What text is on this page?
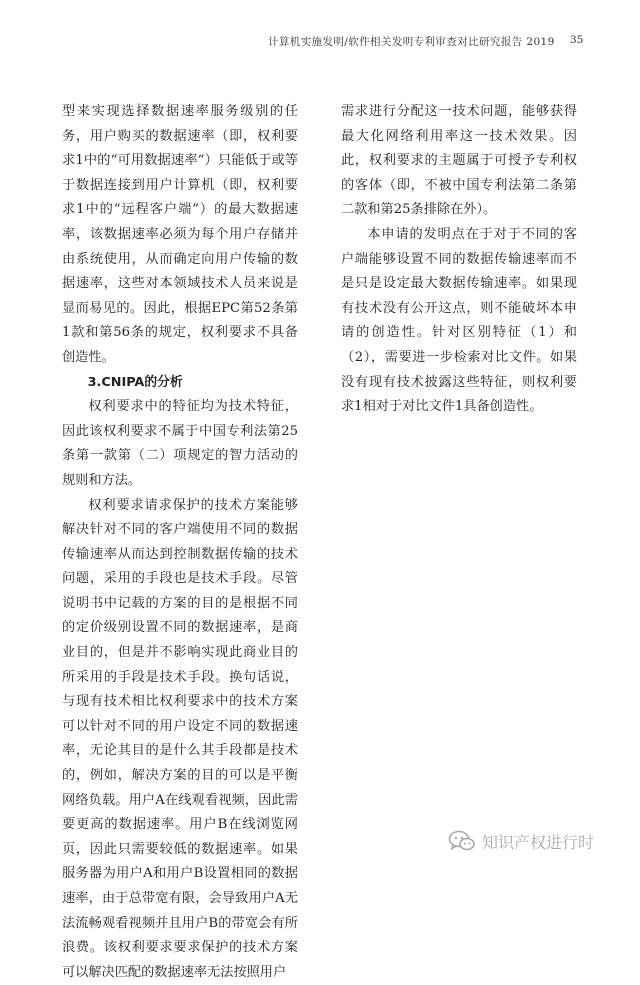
计算机实施发明/软件相关发明专利审查对比研究报告 2019 35

型来实现选择数据速率服务级别的任务，用户购买的数据速率（即，权利要求1中的“可用数据速率”）只能低于或等于数据连接到用户计算机（即，权利要求1中的“远程客户端”）的最大数据速率，该数据速率必须为每个用户存储并由系统使用，从而确定向用户传输的数据速率，这些对本领域技术人员来说是显而易见的。因此，根据EPC第52条第1款和第56条的规定，权利要求不具备创造性。

3.CNIPA的分析

权利要求中的特征均为技术特征，因此该权利要求不属于中国专利法第25条第一款第（二）项规定的智力活动的规则和方法。

权利要求请求保护的技术方案能够解决针对不同的客户端使用不同的数据传输速率从而达到控制数据传输的技术问题，采用的手段也是技术手段。尽管说明书中记载的方案的目的是根据不同的定价级别设置不同的数据速率，是商业目的，但是并不影响实现此商业目的所采用的手段是技术手段。换句话说，与现有技术相比权利要求中的技术方案可以针对不同的用户设定不同的数据速率，无论其目的是什么其手段都是技术的，例如，解决方案的目的可以是平衡网络负载。用户A在线观看视频，因此需要更高的数据速率。用户B在线浏览网页，因此只需要较低的数据速率。如果服务器为用户A和用户B设置相同的数据速率，由于总带宽有限，会导致用户A无法流畅观看视频并且用户B的带宽会有所浪费。该权利要求要求保护的技术方案可以解决匹配的数据速率无法按照用户

需求进行分配这一技术问题，能够获得最大化网络利用率这一技术效果。因此，权利要求的主题属于可授予专利权的客体（即，不被中国专利法第二条第二款和第25条排除在外）。

本申请的发明点在于对于不同的客户端能够设置不同的数据传输速率而不是只是设定最大数据传输速率。如果现有技术没有公开这点，则不能破坏本申请的创造性。针对区别特征（1）和（2），需要进一步检索对比文件。如果没有现有技术披露这些特征，则权利要求1相对于对比文件1具备创造性。

知识产权进行时
